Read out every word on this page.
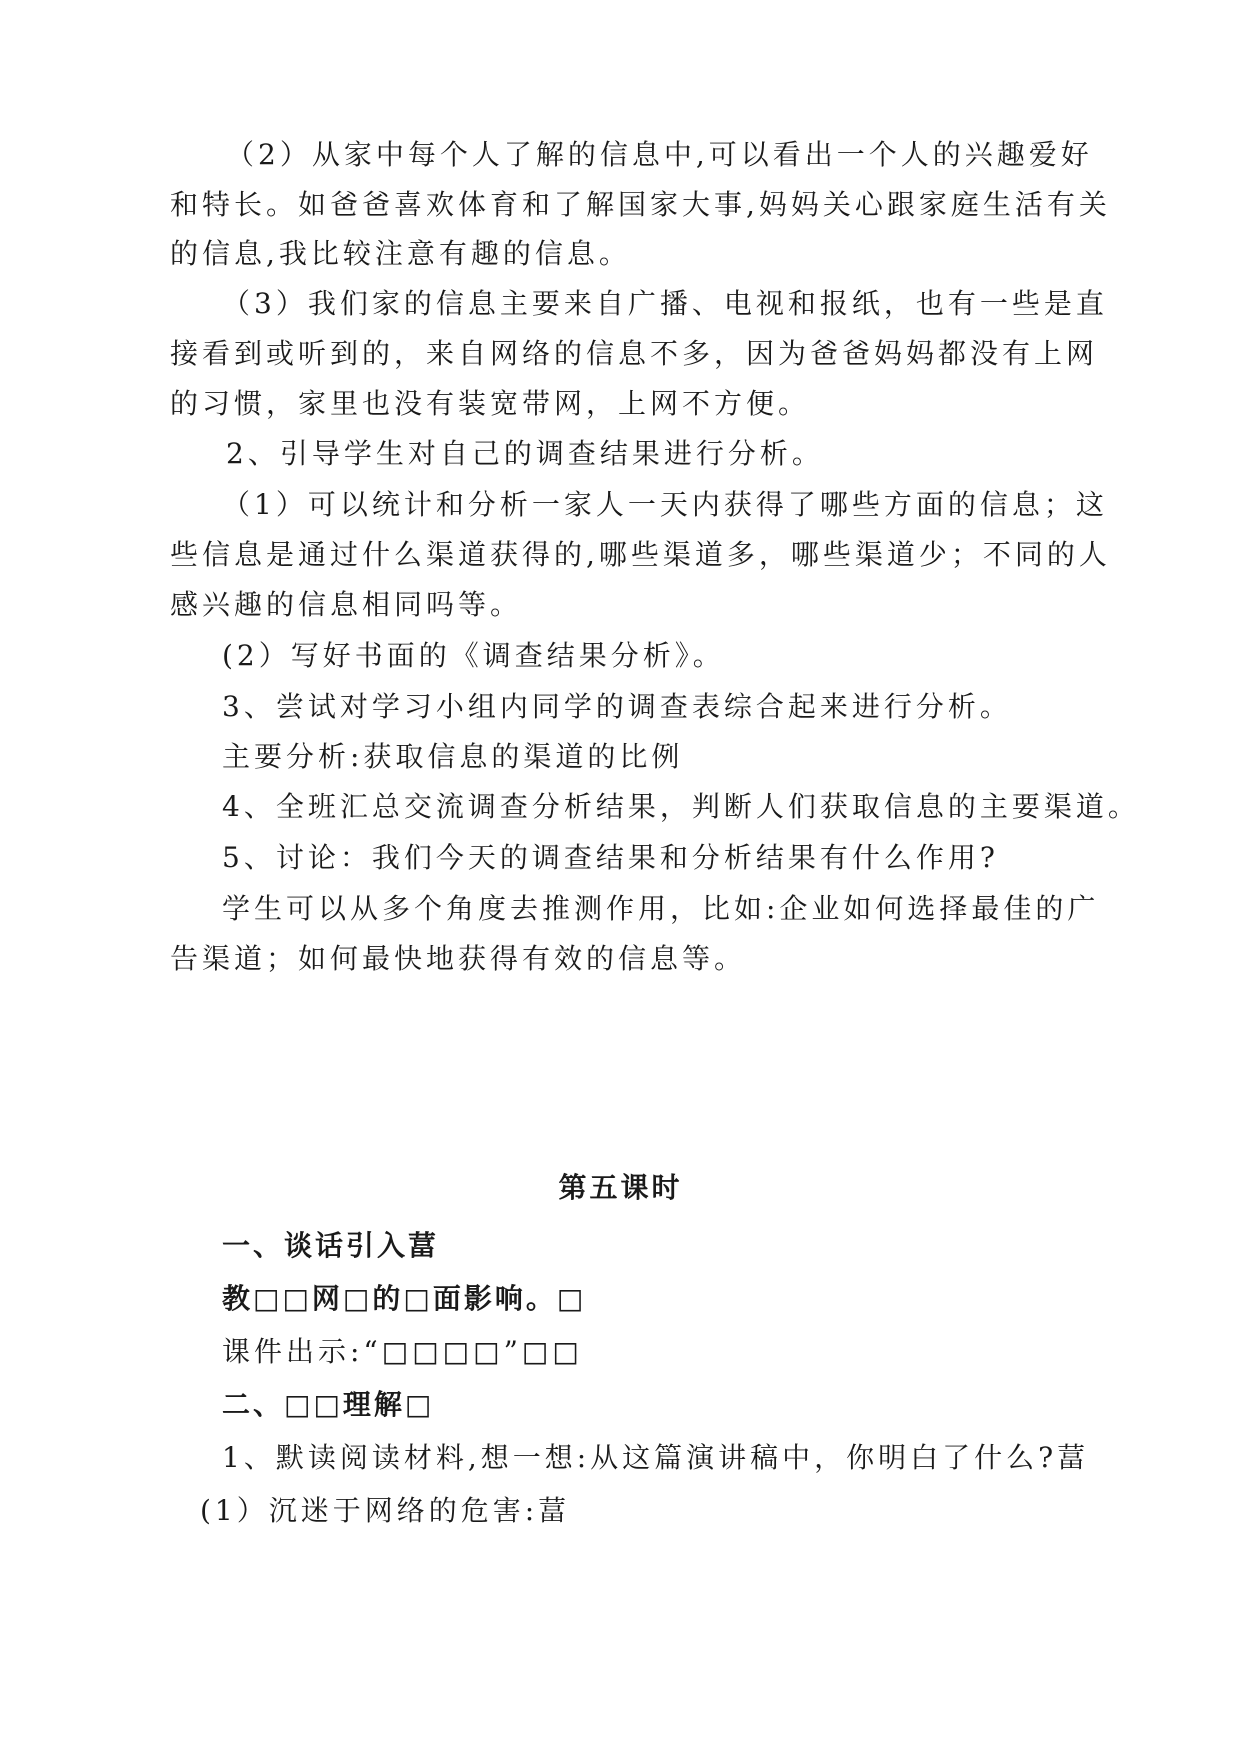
（2）从家中每个人了解的信息中,可以看出一个人的兴趣爱好
和特长。如爸爸喜欢体育和了解国家大事,妈妈关心跟家庭生活有关
的信息,我比较注意有趣的信息。
（3）我们家的信息主要来自广播、电视和报纸，也有一些是直
接看到或听到的，来自网络的信息不多，因为爸爸妈妈都没有上网
的习惯，家里也没有装宽带网，上网不方便。
2、引导学生对自己的调查结果进行分析。
（1）可以统计和分析一家人一天内获得了哪些方面的信息；这
些信息是通过什么渠道获得的,哪些渠道多，哪些渠道少；不同的人
感兴趣的信息相同吗等。
(2）写好书面的《调查结果分析》。
3、尝试对学习小组内同学的调查表综合起来进行分析。
主要分析:获取信息的渠道的比例
4、全班汇总交流调查分析结果，判断人们获取信息的主要渠道。
5、讨论：我们今天的调查结果和分析结果有什么作用?
学生可以从多个角度去推测作用，比如:企业如何选择最佳的广
告渠道；如何最快地获得有效的信息等。
第五课时
一、谈话引入葍
教□□网□的□面影响。□
课件出示:“□□□□”□□
二、□□理解□
1、默读阅读材料,想一想:从这篇演讲稿中，你明白了什么?葍
(1）沉迷于网络的危害:葍
